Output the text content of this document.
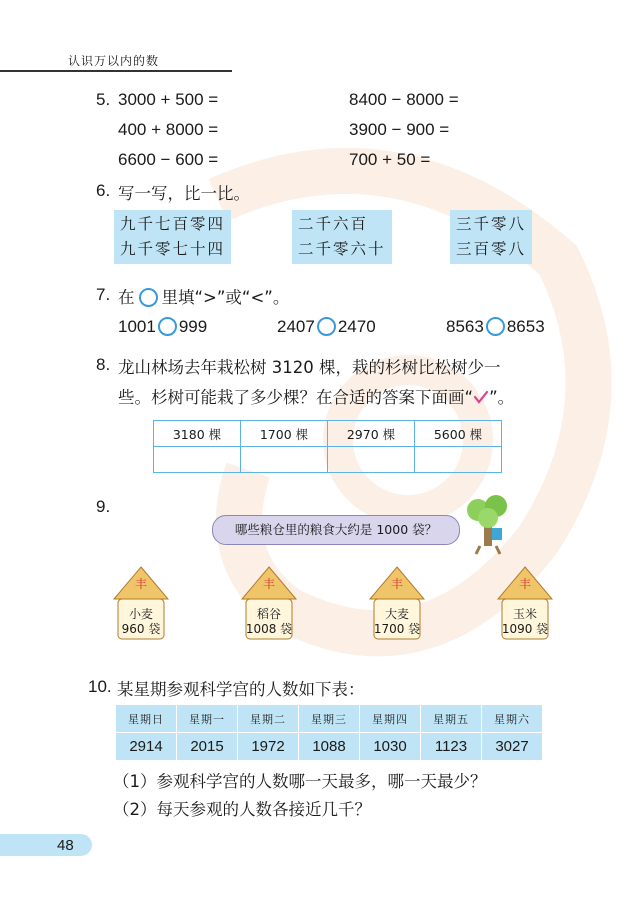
认识万以内的数
5. 3000 + 500 =	8400 − 8000 =
400 + 8000 =	3900 − 900 =
6600 − 600 =	700 + 50 =
6. 写一写，比一比。
九千七百零四
九千零七十四
二千六百
二千零六十
三千零八
三百零八
7. 在 里填“>”或“<”。
1001 999	2407 2470	8563 8653
8. 龙山林场去年栽松树 3120 棵，栽的杉树比松树少一
些。杉树可能栽了多少棵？在合适的答案下面画“ ”。
3180 棵	1700 棵	2970 棵	5600 棵

9.
哪些粮仓里的粮食大约是 1000 袋？
丰
小麦
960 袋
丰
稻谷
1008 袋
丰
大麦
1700 袋
丰
玉米
1090 袋
10. 某星期参观科学宫的人数如下表：
星期日	星期一	星期二	星期三	星期四	星期五	星期六
2914	2015	1972	1088	1030	1123	3027
（1）参观科学宫的人数哪一天最多，哪一天最少？
（2）每天参观的人数各接近几千？
48
